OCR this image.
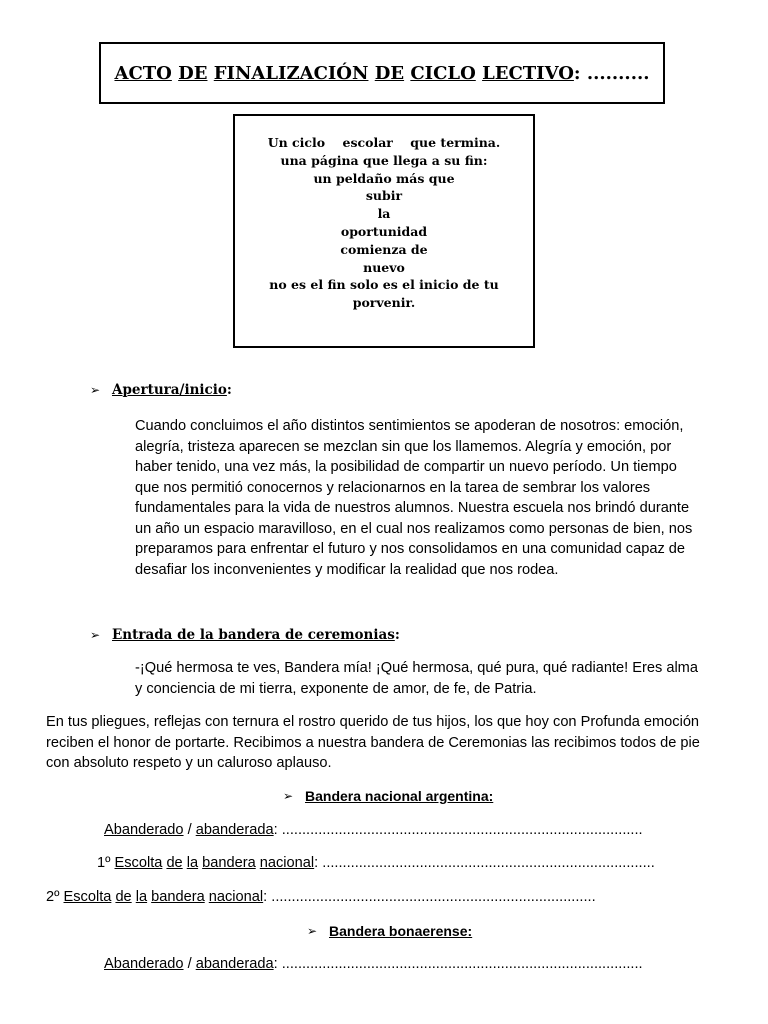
ACTO DE FINALIZACIÓN DE CICLO LECTIVO: ..........
Un ciclo    escolar    que termina.
una página que llega a su fin:
un peldaño más que
subir
la
oportunidad
comienza de
nuevo
no es el fin solo es el inicio de tu
porvenir.
➢ Apertura/inicio :
Cuando concluimos el año distintos sentimientos se apoderan de nosotros: emoción,
alegría, tristeza aparecen se mezclan sin que los llamemos. Alegría y emoción, por
haber tenido, una vez más, la posibilidad de compartir un nuevo período. Un tiempo
que nos permitió conocernos y relacionarnos en la tarea de sembrar los valores
fundamentales para la vida de nuestros alumnos. Nuestra escuela nos brindó durante
un año un espacio maravilloso, en el cual nos realizamos como personas de bien, nos
preparamos para enfrentar el futuro y nos consolidamos en una comunidad capaz de
desafiar los inconvenientes y modificar la realidad que nos rodea.
➢ Entrada de la bandera de ceremonias :
-¡Qué hermosa te ves, Bandera mía! ¡Qué hermosa, qué pura, qué radiante! Eres alma
y conciencia de mi tierra, exponente de amor, de fe, de Patria.
En tus pliegues, reflejas con ternura el rostro querido de tus hijos, los que hoy con Profunda emoción
reciben el honor de portarte. Recibimos a nuestra bandera de Ceremonias las recibimos todos de pie
con absoluto respeto y un caluroso aplauso.
➢ Bandera nacional argentina:
Abanderado / abanderada: .........................................................................................
1º Escolta de la bandera nacional: ..................................................................................
2º Escolta de la bandera nacional: ................................................................................
➢ Bandera bonaerense:
Abanderado / abanderada: .........................................................................................
